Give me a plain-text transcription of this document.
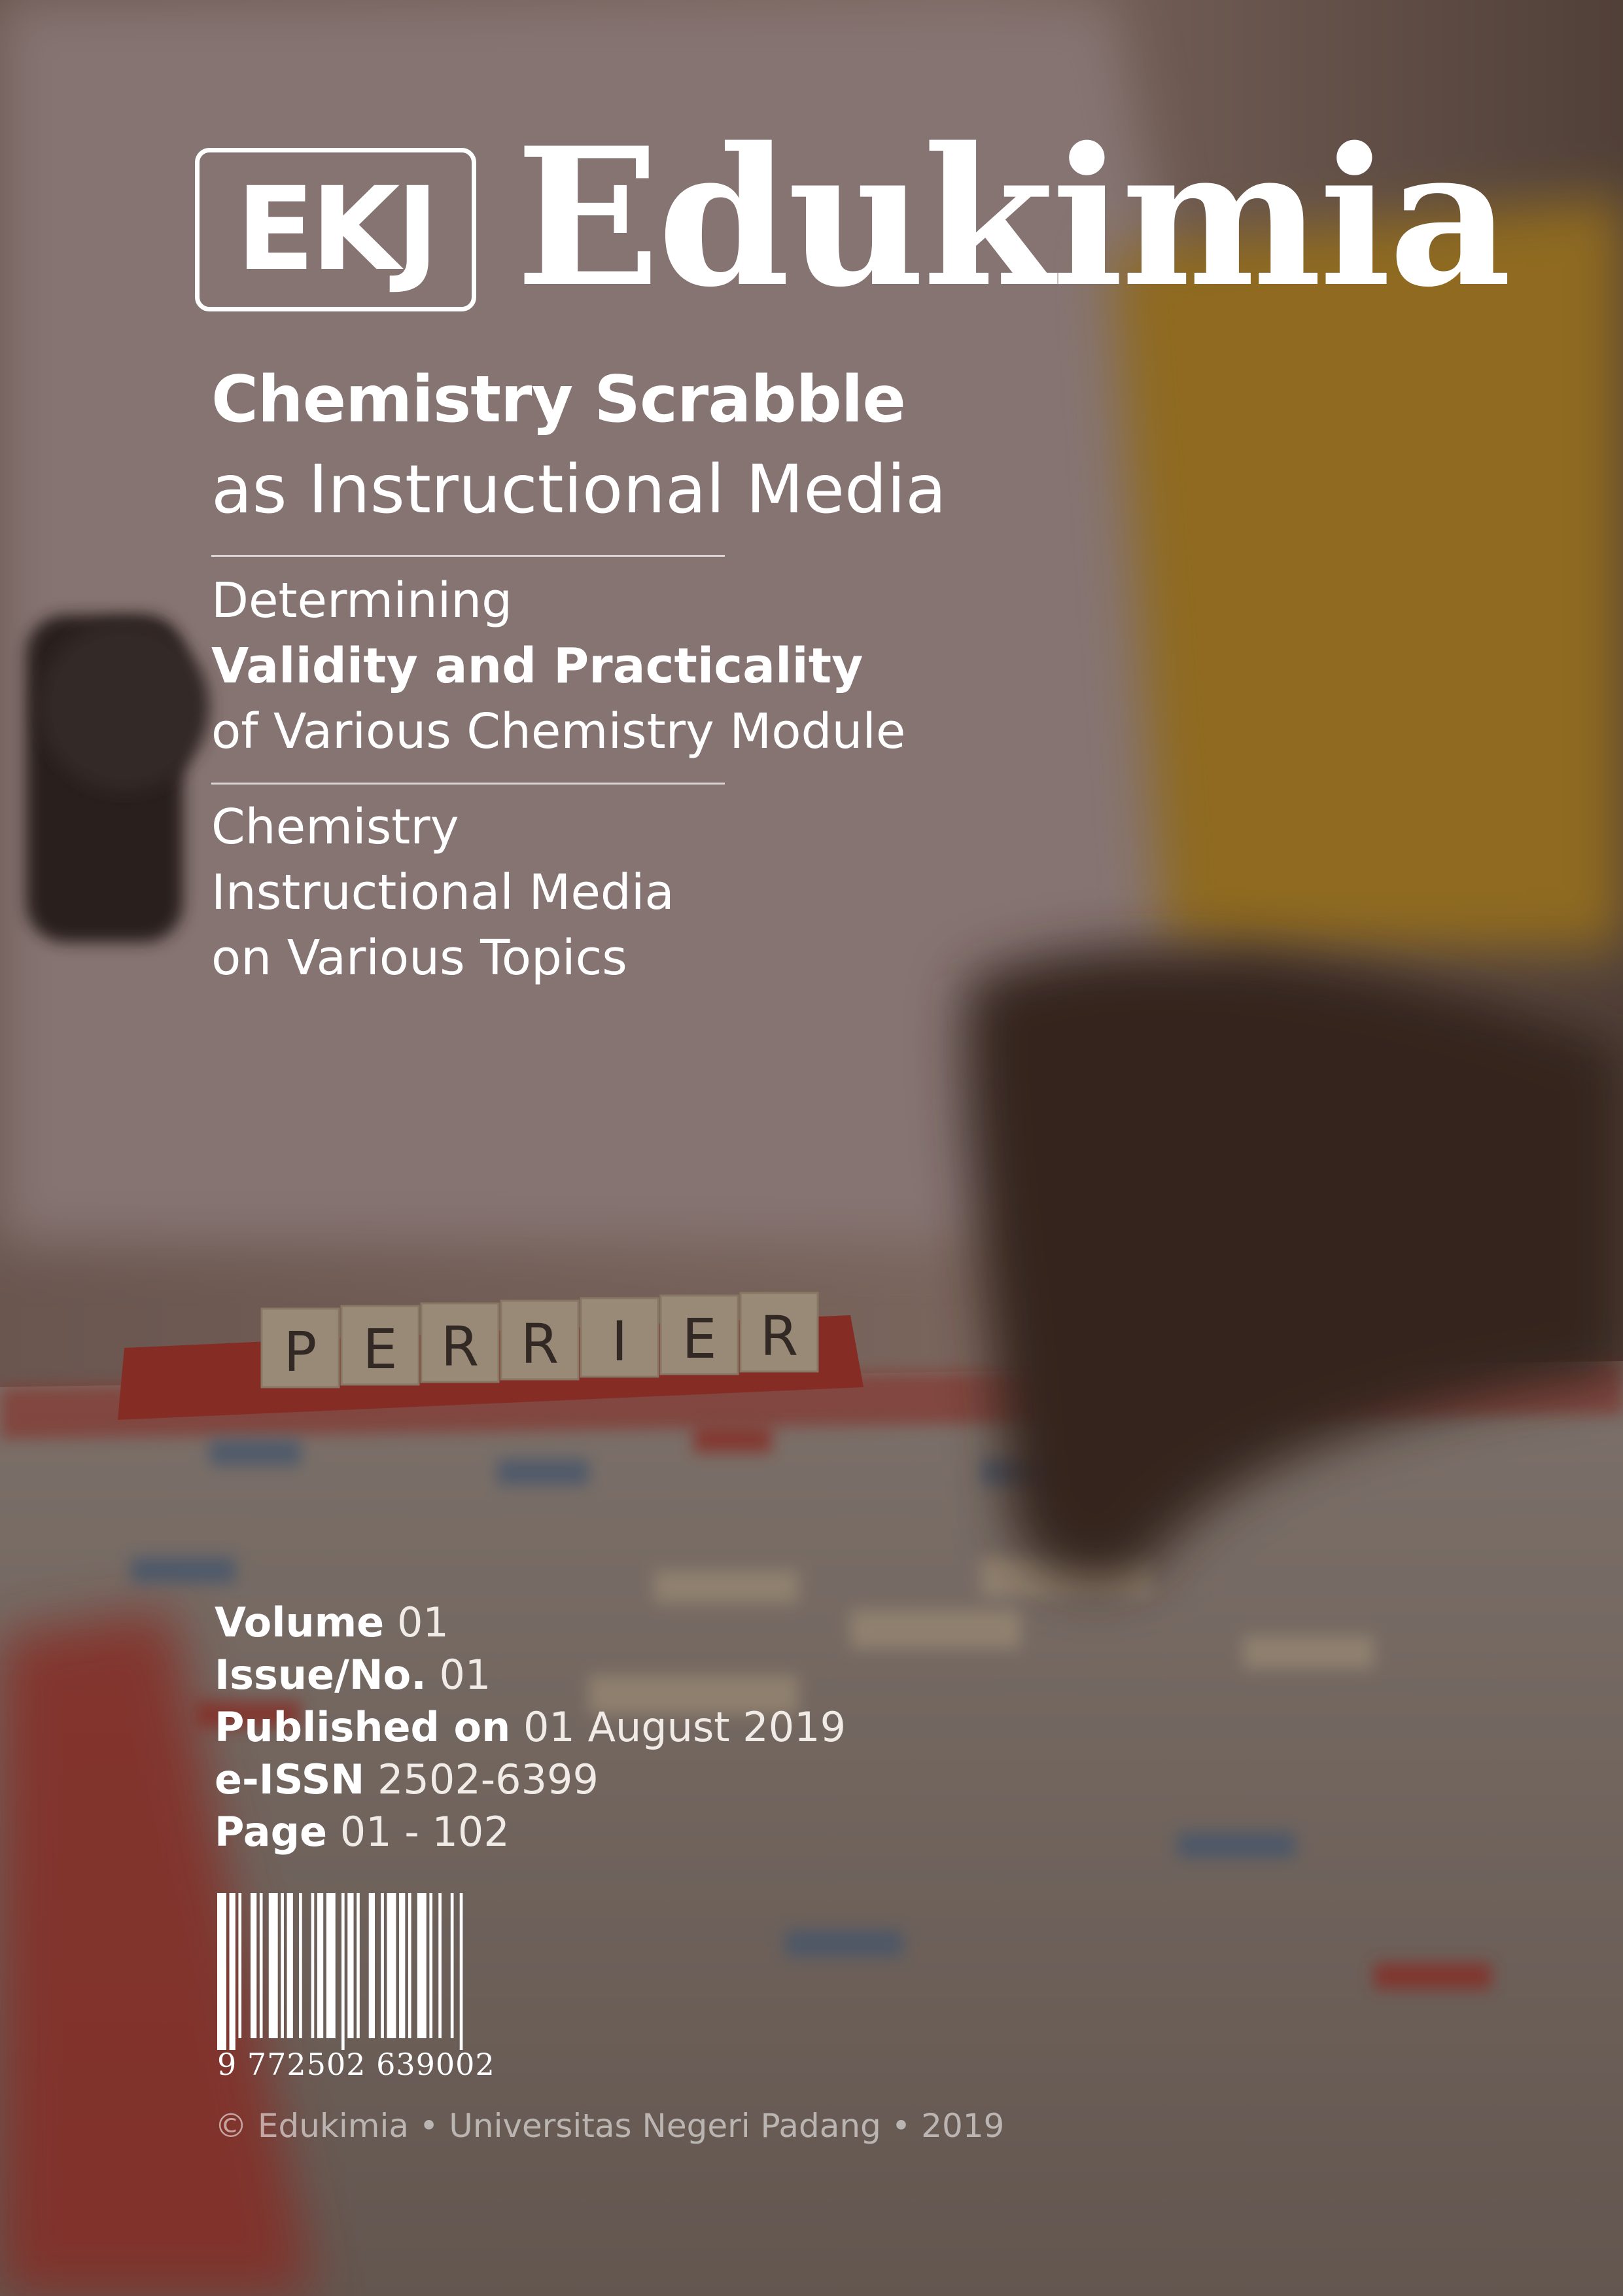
P E R R I E R
EKJ Edukimia
Chemistry Scrabble
as Instructional Media
Determining
Validity and Practicality
of Various Chemistry Module
Chemistry
Instructional Media
on Various Topics
Volume 01
Issue/No. 01
Published on 01 August 2019
e-ISSN 2502-6399
Page 01 - 102
9 772502 639002
© Edukimia • Universitas Negeri Padang • 2019
